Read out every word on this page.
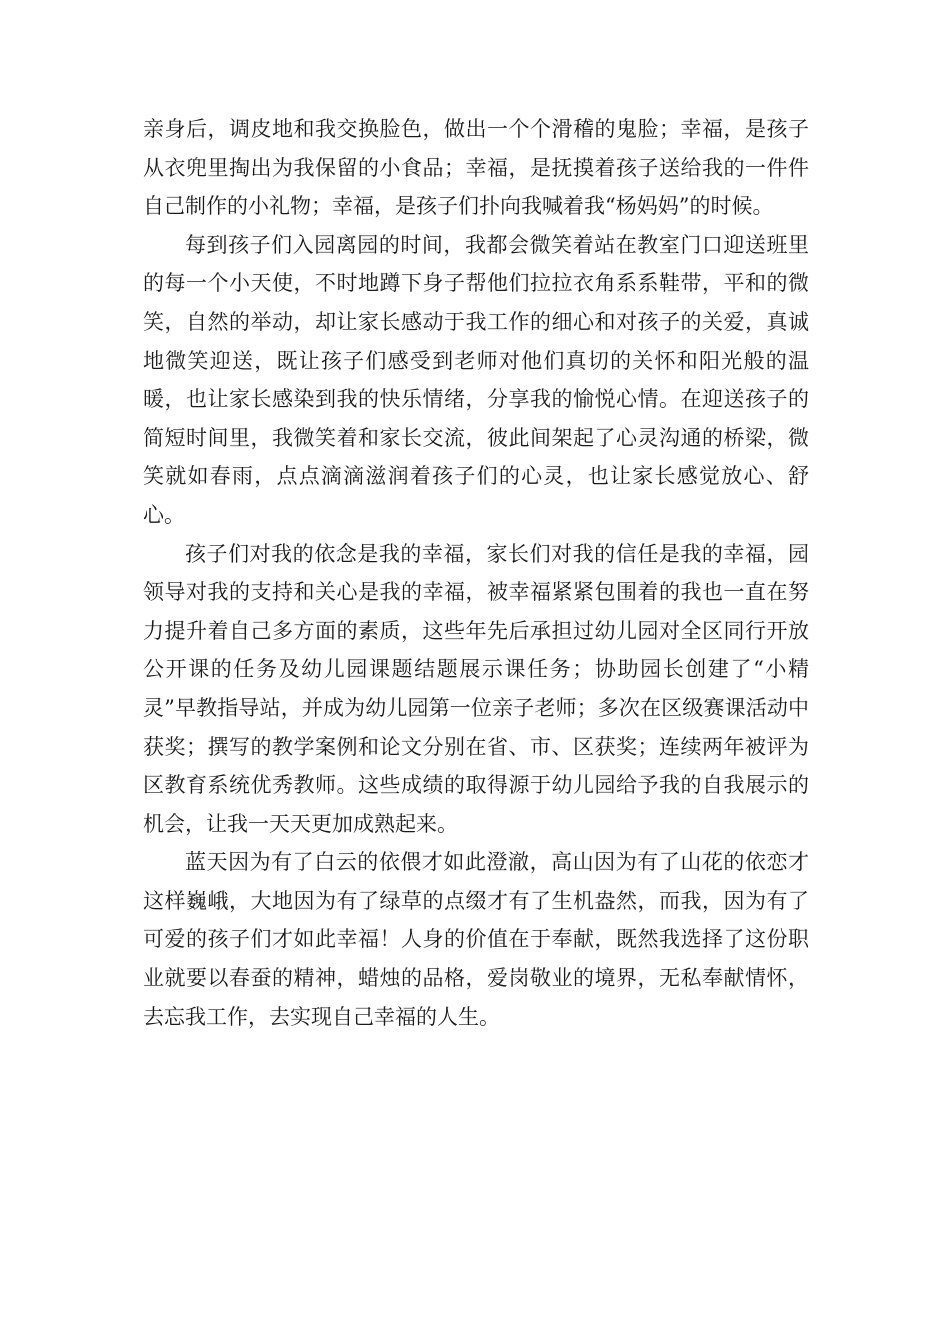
亲身后，调皮地和我交换脸色，做出一个个滑稽的鬼脸；幸福，是孩子从衣兜里掏出为我保留的小食品；幸福，是抚摸着孩子送给我的一件件自己制作的小礼物；幸福，是孩子们扑向我喊着我“杨妈妈”的时候。

每到孩子们入园离园的时间，我都会微笑着站在教室门口迎送班里的每一个小天使，不时地蹲下身子帮他们拉拉衣角系系鞋带，平和的微笑，自然的举动，却让家长感动于我工作的细心和对孩子的关爱，真诚地微笑迎送，既让孩子们感受到老师对他们真切的关怀和阳光般的温暖，也让家长感染到我的快乐情绪，分享我的愉悦心情。在迎送孩子的简短时间里，我微笑着和家长交流，彼此间架起了心灵沟通的桥梁，微笑就如春雨，点点滴滴滋润着孩子们的心灵，也让家长感觉放心、舒心。

孩子们对我的依念是我的幸福，家长们对我的信任是我的幸福，园领导对我的支持和关心是我的幸福，被幸福紧紧包围着的我也一直在努力提升着自己多方面的素质，这些年先后承担过幼儿园对全区同行开放公开课的任务及幼儿园课题结题展示课任务；协助园长创建了“小精灵”早教指导站，并成为幼儿园第一位亲子老师；多次在区级赛课活动中获奖；撰写的教学案例和论文分别在省、市、区获奖；连续两年被评为区教育系统优秀教师。这些成绩的取得源于幼儿园给予我的自我展示的机会，让我一天天更加成熟起来。

蓝天因为有了白云的依偎才如此澄澈，高山因为有了山花的依恋才这样巍峨，大地因为有了绿草的点缀才有了生机盎然，而我，因为有了可爱的孩子们才如此幸福！人身的价值在于奉献，既然我选择了这份职业就要以春蚕的精神，蜡烛的品格，爱岗敬业的境界，无私奉献情怀，去忘我工作，去实现自己幸福的人生。
